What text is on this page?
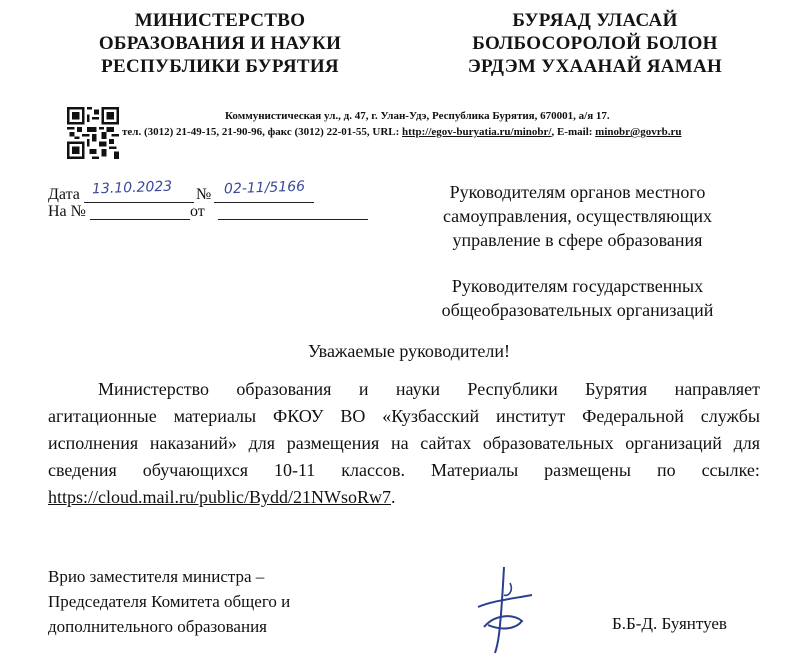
МИНИСТЕРСТВО
ОБРАЗОВАНИЯ И НАУКИ
РЕСПУБЛИКИ БУРЯТИЯ
БУРЯАД УЛАСАЙ
БОЛБОСОРОЛОЙ БОЛОН
ЭРДЭМ УХААНАЙ ЯАМАН
Коммунистическая ул., д. 47, г. Улан-Удэ, Республика Бурятия, 670001, а/я 17.
тел. (3012) 21-49-15, 21-90-96, факс (3012) 22-01-55, URL: http://egov-buryatia.ru/minobr/, E-mail: minobr@govrb.ru
Дата 13.10.2023 № 02-11/5166
На №	от
Руководителям органов местного
самоуправления, осуществляющих
управление в сфере образования
Руководителям государственных
общеобразовательных организаций
Уважаемые руководители!
Министерство образования и науки Республики Бурятия направляет
агитационные материалы ФКОУ ВО «Кузбасский институт Федеральной службы
исполнения наказаний» для размещения на сайтах образовательных организаций для
сведения обучающихся 10-11 классов. Материалы размещены по ссылке:
https://cloud.mail.ru/public/Bydd/21NWsoRw7.
Врио заместителя министра –
Председателя Комитета общего и
дополнительного образования	Б.Б-Д. Буянтуев
